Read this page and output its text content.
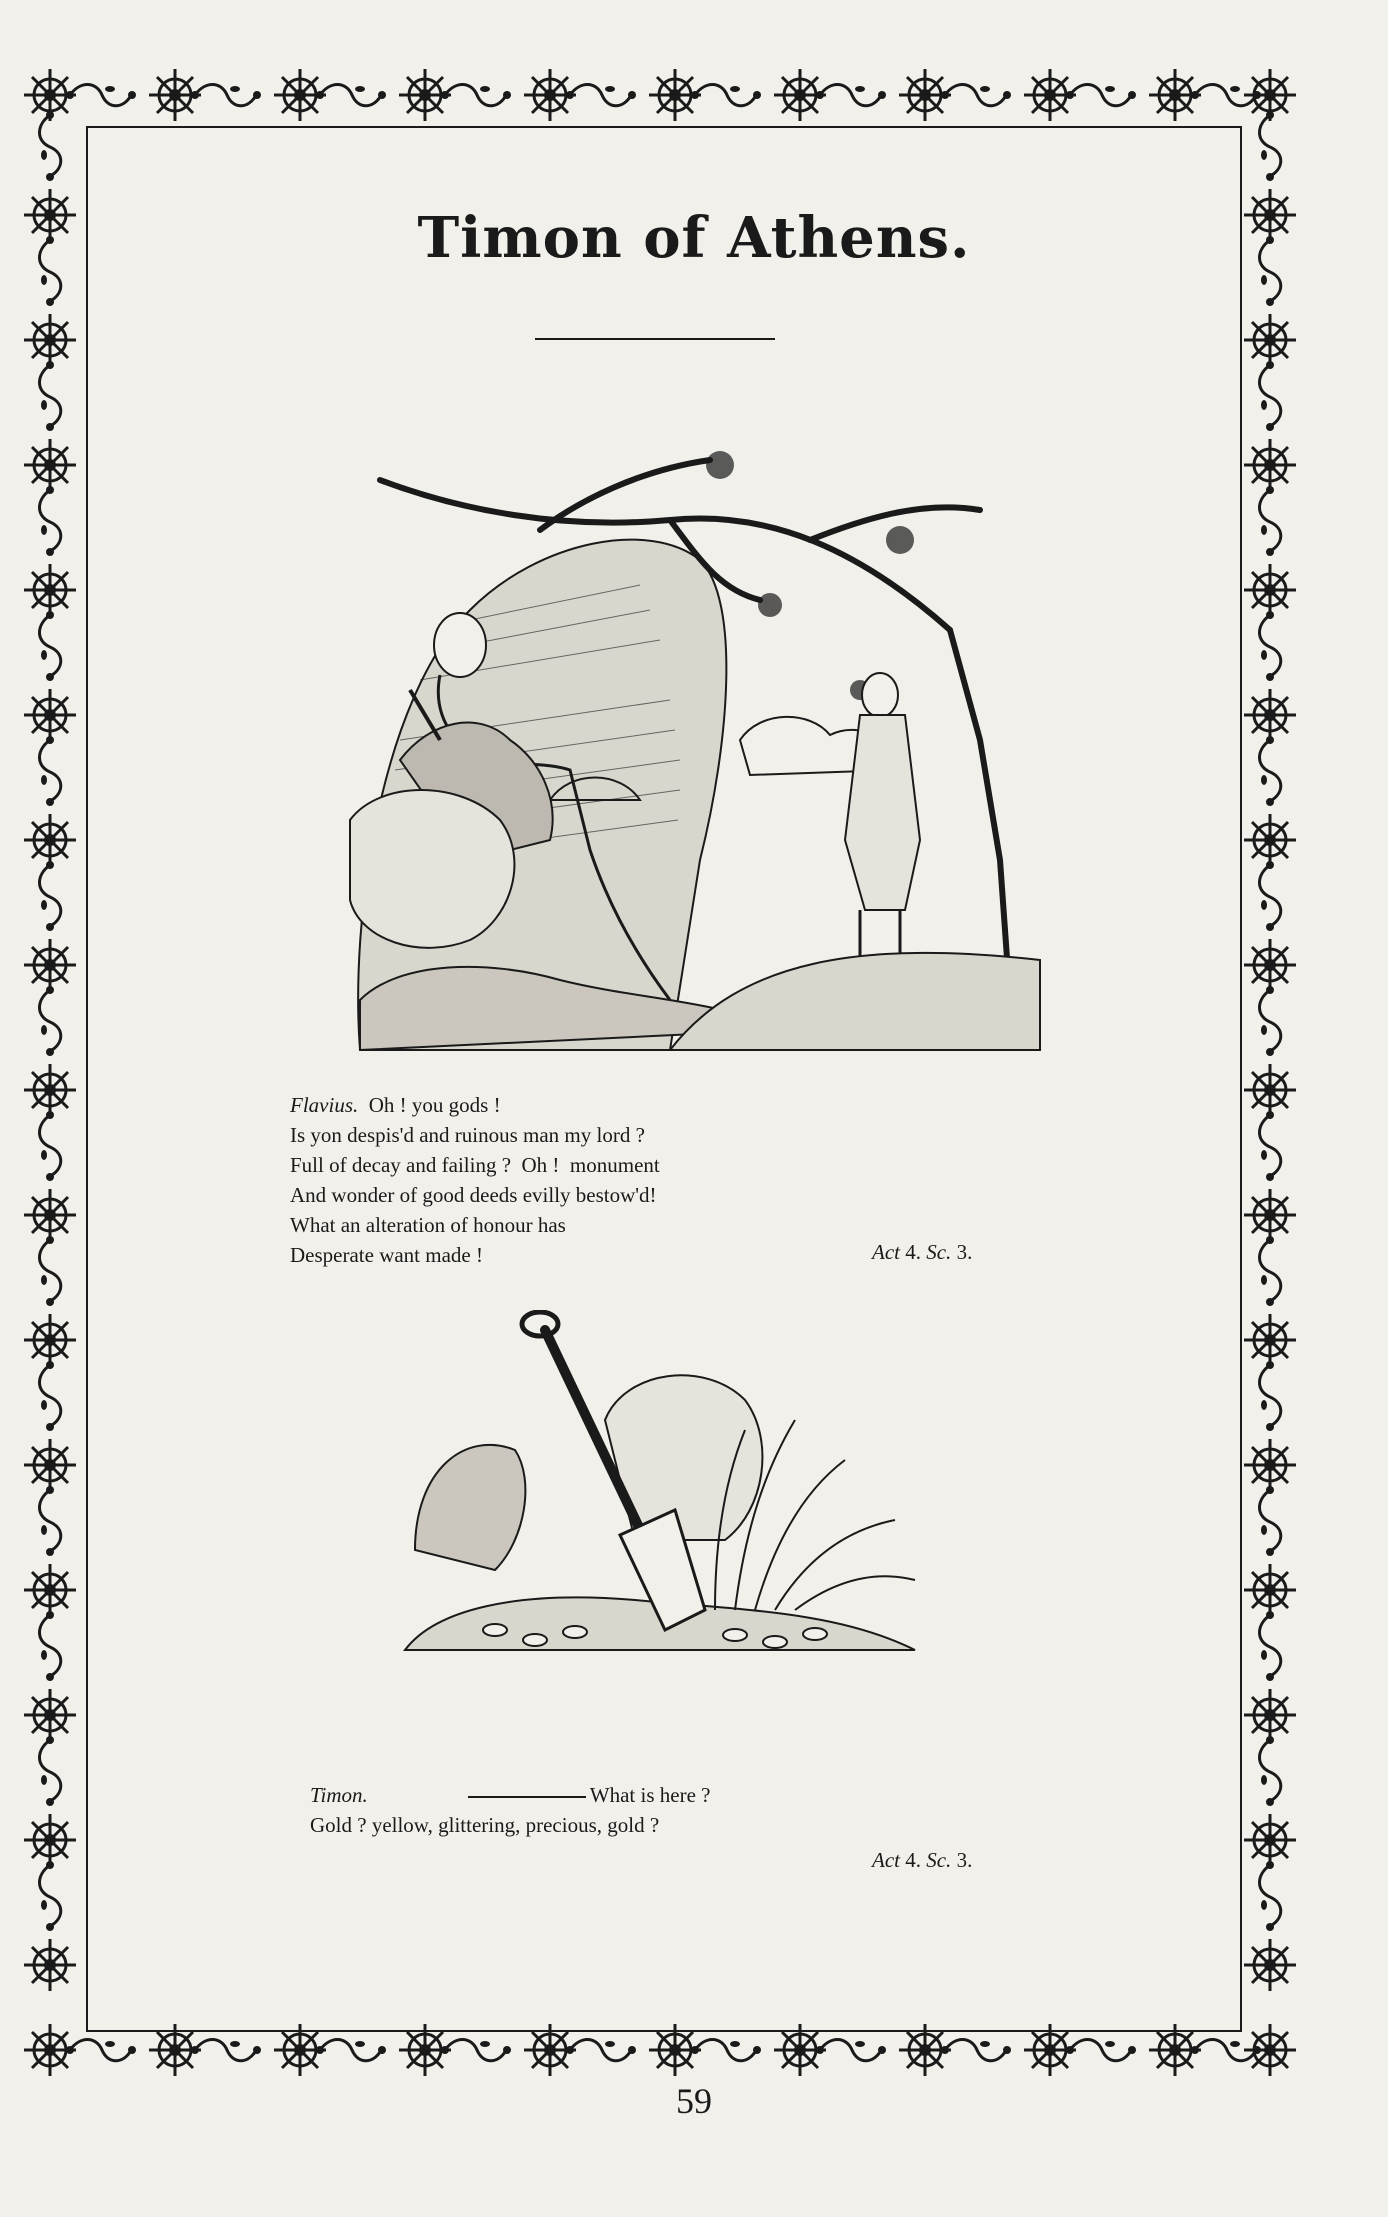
Timon of Athens.
Flavius. Oh ! you gods !
Is yon despis'd and ruinous man my lord ?
Full of decay and failing ?  Oh !  monument
And wonder of good deeds evilly bestow'd!
What an alteration of honour has
Desperate want made !	Act 4. Sc. 3.
Timon.	What is here ?
Gold ? yellow, glittering, precious, gold ?
Act 4. Sc. 3.
59
